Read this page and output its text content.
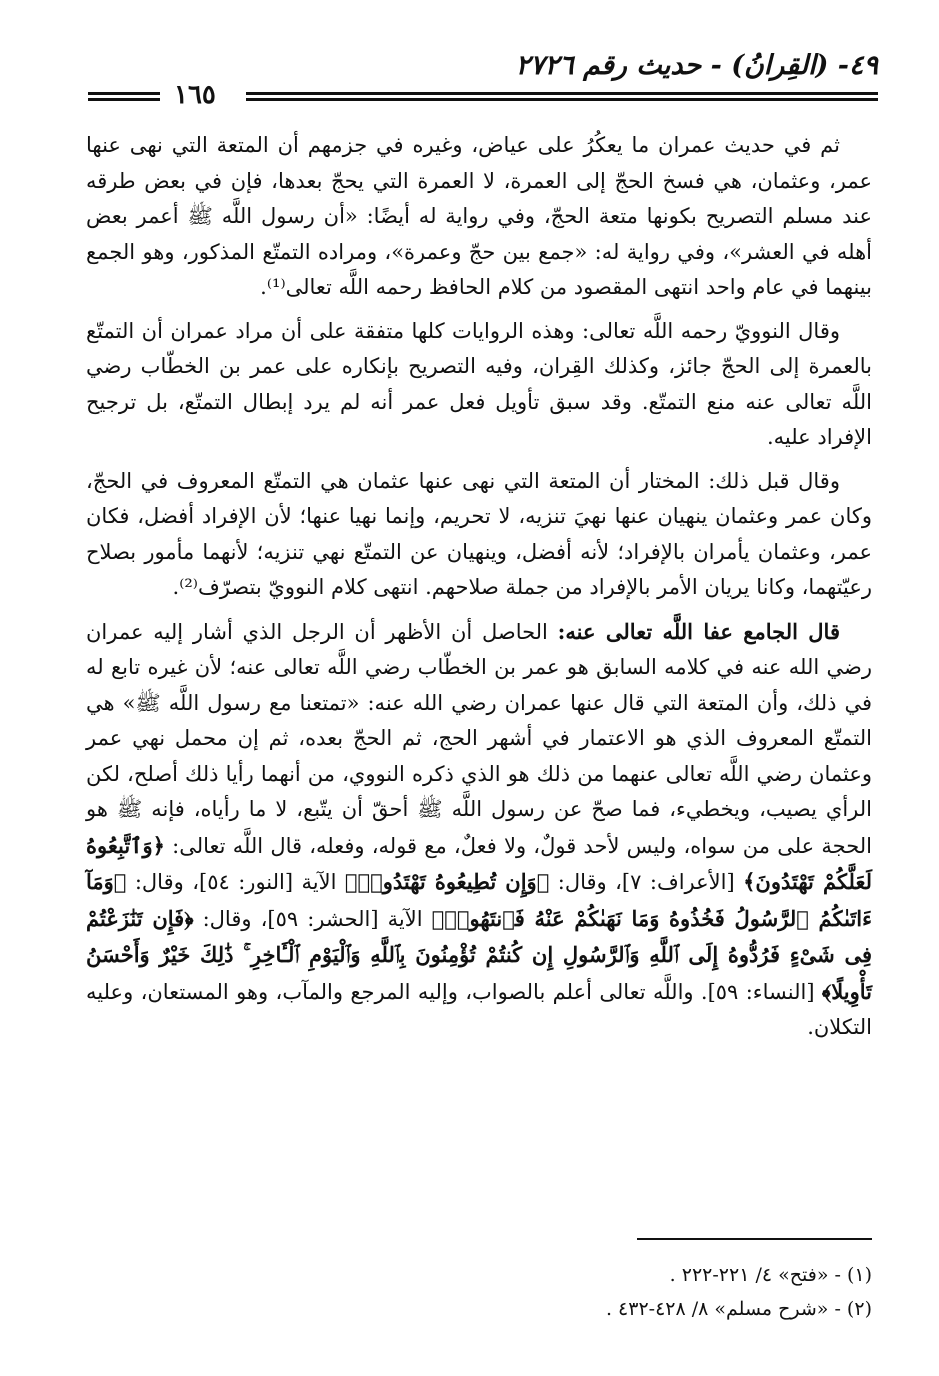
١٦٥
٤٩- (القِرانُ) - حديث رقم ٢٧٢٦

ثم في حديث عمران ما يعكُرُ على عياض، وغيره في جزمهم أن المتعة التي نهى عنها عمر، وعثمان، هي فسخ الحجّ إلى العمرة، لا العمرة التي يحجّ بعدها، فإن في بعض طرقه عند مسلم التصريح بكونها متعة الحجّ، وفي رواية له أيضًا: «أن رسول اللَّه ﷺ أعمر بعض أهله في العشر»، وفي رواية له: «جمع بين حجّ وعمرة»، ومراده التمتّع المذكور، وهو الجمع بينهما في عام واحد انتهى المقصود من كلام الحافظ رحمه اللَّه تعالى⁽¹⁾.

وقال النوويّ رحمه اللَّه تعالى: وهذه الروايات كلها متفقة على أن مراد عمران أن التمتّع بالعمرة إلى الحجّ جائز، وكذلك القِران، وفيه التصريح بإنكاره على عمر بن الخطّاب رضي اللَّه تعالى عنه منع التمتّع. وقد سبق تأويل فعل عمر أنه لم يرد إبطال التمتّع، بل ترجيح الإفراد عليه.

وقال قبل ذلك: المختار أن المتعة التي نهى عنها عثمان هي التمتّع المعروف في الحجّ، وكان عمر وعثمان ينهيان عنها نهيَ تنزيه، لا تحريم، وإنما نهيا عنها؛ لأن الإفراد أفضل، فكان عمر، وعثمان يأمران بالإفراد؛ لأنه أفضل، وينهيان عن التمتّع نهي تنزيه؛ لأنهما مأمور بصلاح رعيّتهما، وكانا يريان الأمر بالإفراد من جملة صلاحهم. انتهى كلام النوويّ بتصرّف⁽²⁾.

قال الجامع عفا اللَّه تعالى عنه: الحاصل أن الأظهر أن الرجل الذي أشار إليه عمران رضي الله عنه في كلامه السابق هو عمر بن الخطّاب رضي اللَّه تعالى عنه؛ لأن غيره تابع له في ذلك، وأن المتعة التي قال عنها عمران رضي الله عنه: «تمتعنا مع رسول اللَّه ﷺ» هي التمتّع المعروف الذي هو الاعتمار في أشهر الحج، ثم الحجّ بعده، ثم إن محمل نهي عمر وعثمان رضي اللَّه تعالى عنهما من ذلك هو الذي ذكره النووي، من أنهما رأيا ذلك أصلح، لكن الرأي يصيب، ويخطيء، فما صحّ عن رسول اللَّه ﷺ أحقّ أن يتّبع، لا ما رأياه، فإنه ﷺ هو الحجة على من سواه، وليس لأحد قولٌ، ولا فعلٌ، مع قوله، وفعله، قال اللَّه تعالى: ﴿وَٱتَّبِعُوهُ لَعَلَّكُمْ تَهْتَدُونَ﴾ [الأعراف: ٧]، وقال: ﴿وَإِن تُطِيعُوهُ تَهْتَدُوا۟﴾ الآية [النور: ٥٤]، وقال: ﴿وَمَآ ءَاتَىٰكُمُ ٱلرَّسُولُ فَخُذُوهُ وَمَا نَهَىٰكُمْ عَنْهُ فَٱنتَهُوا۟﴾ الآية [الحشر: ٥٩]، وقال: ﴿فَإِن تَنَٰزَعْتُمْ فِى شَىْءٍ فَرُدُّوهُ إِلَى ٱللَّهِ وَٱلرَّسُولِ إِن كُنتُمْ تُؤْمِنُونَ بِٱللَّهِ وَٱلْيَوْمِ ٱلْـَٔاخِرِ ۚ ذَٰلِكَ خَيْرٌ وَأَحْسَنُ تَأْوِيلًا﴾ [النساء: ٥٩]. واللَّه تعالى أعلم بالصواب، وإليه المرجع والمآب، وهو المستعان، وعليه التكلان.

(١) - «فتح» ٤/ ٢٢١-٢٢٢ .
(٢) - «شرح مسلم» ٨/ ٤٢٨-٤٣٢ .
